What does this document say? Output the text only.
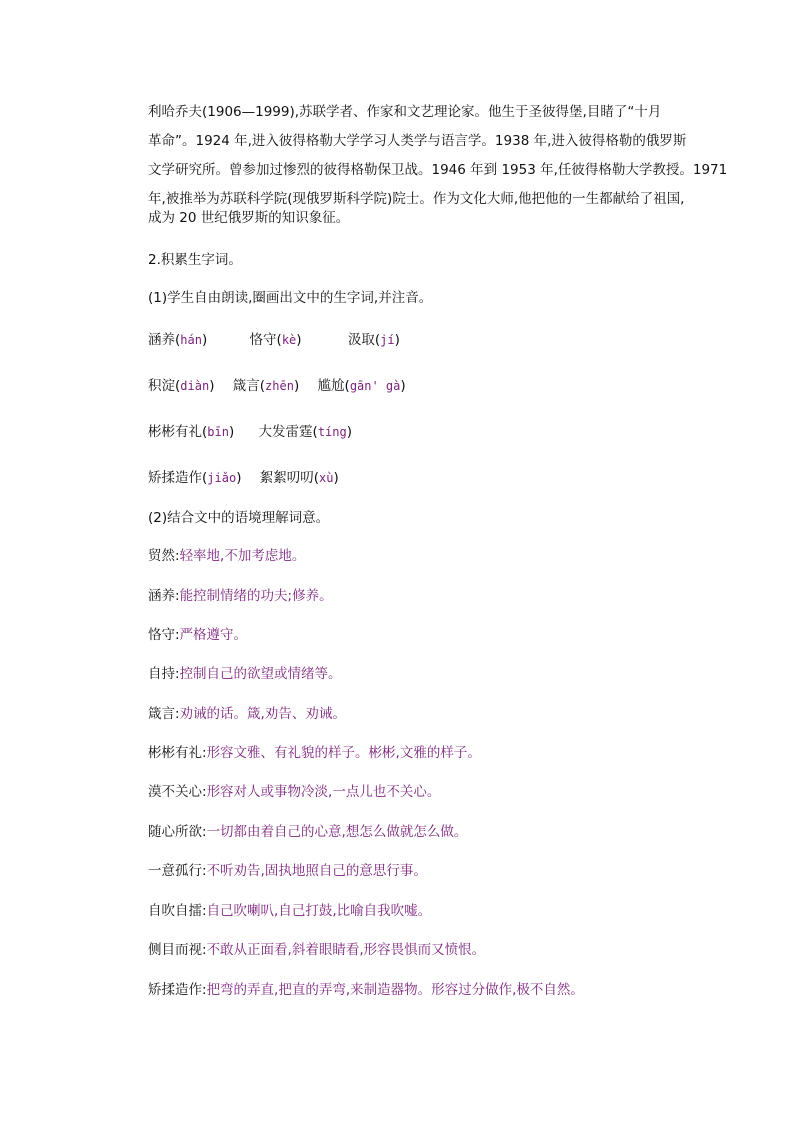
利哈乔夫(1906—1999),苏联学者、作家和文艺理论家。他生于圣彼得堡,目睹了“十月
革命”。1924 年,进入彼得格勒大学学习人类学与语言学。1938 年,进入彼得格勒的俄罗斯
文学研究所。曾参加过惨烈的彼得格勒保卫战。1946 年到 1953 年,任彼得格勒大学教授。1971
年,被推举为苏联科学院(现俄罗斯科学院)院士。作为文化大师,他把他的一生都献给了祖国,
成为 20 世纪俄罗斯的知识象征。
2.积累生字词。
(1)学生自由朗读,圈画出文中的生字词,并注音。
涵养(hán)	恪守(kè)	汲取(jí)
积淀(diàn) 箴言(zhēn) 尴尬(gān' gà)
彬彬有礼(bīn) 大发雷霆(tíng)
矫揉造作(jiǎo) 絮絮叨叨(xù)
(2)结合文中的语境理解词意。
贸然:轻率地,不加考虑地。
涵养:能控制情绪的功夫;修养。
恪守:严格遵守。
自持:控制自己的欲望或情绪等。
箴言:劝诫的话。箴,劝告、劝诫。
彬彬有礼:形容文雅、有礼貌的样子。彬彬,文雅的样子。
漠不关心:形容对人或事物冷淡,一点儿也不关心。
随心所欲:一切都由着自己的心意,想怎么做就怎么做。
一意孤行:不听劝告,固执地照自己的意思行事。
自吹自擂:自己吹喇叭,自己打鼓,比喻自我吹嘘。
侧目而视:不敢从正面看,斜着眼睛看,形容畏惧而又愤恨。
矫揉造作:把弯的弄直,把直的弄弯,来制造器物。形容过分做作,极不自然。
